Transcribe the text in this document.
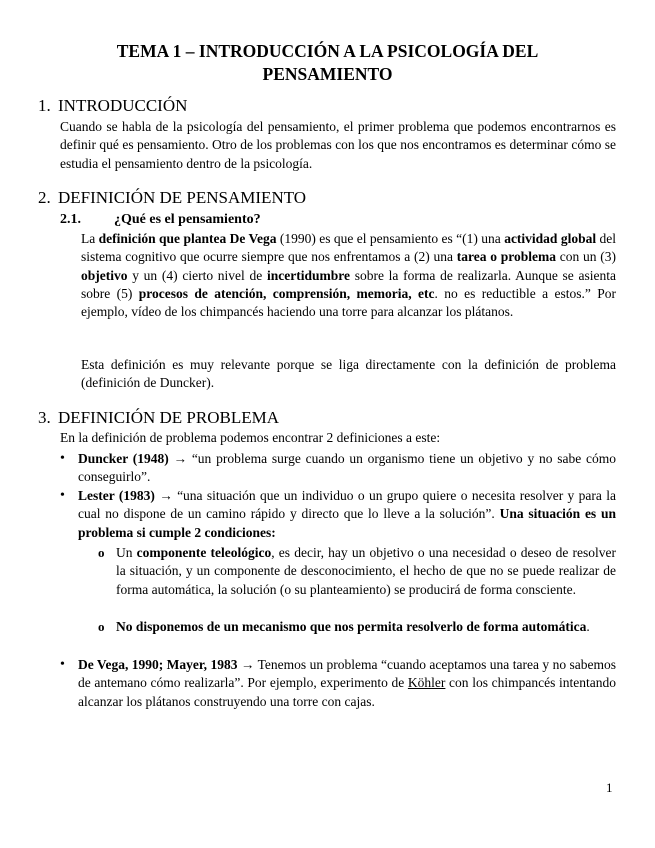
TEMA 1 – INTRODUCCIÓN A LA PSICOLOGÍA DEL PENSAMIENTO
1. INTRODUCCIÓN

Cuando se habla de la psicología del pensamiento, el primer problema que podemos encontrarnos es definir qué es pensamiento. Otro de los problemas con los que nos encontramos es determinar cómo se estudia el pensamiento dentro de la psicología.

2. DEFINICIÓN DE PENSAMIENTO
2.1. ¿Qué es el pensamiento?

La definición que plantea De Vega (1990) es que el pensamiento es “(1) una actividad global del sistema cognitivo que ocurre siempre que nos enfrentamos a (2) una tarea o problema con un (3) objetivo y un (4) cierto nivel de incertidumbre sobre la forma de realizarla. Aunque se asienta sobre (5) procesos de atención, comprensión, memoria, etc. no es reductible a estos.” Por ejemplo, vídeo de los chimpancés haciendo una torre para alcanzar los plátanos.

Esta definición es muy relevante porque se liga directamente con la definición de problema (definición de Duncker).

3. DEFINICIÓN DE PROBLEMA

En la definición de problema podemos encontrar 2 definiciones a este:

• Duncker (1948) → “un problema surge cuando un organismo tiene un objetivo y no sabe cómo conseguirlo”.
• Lester (1983) → “una situación que un individuo o un grupo quiere o necesita resolver y para la cual no dispone de un camino rápido y directo que lo lleve a la solución”. Una situación es un problema si cumple 2 condiciones:
o Un componente teleológico, es decir, hay un objetivo o una necesidad o deseo de resolver la situación, y un componente de desconocimiento, el hecho de que no se puede realizar de forma automática, la solución (o su planteamiento) se producirá de forma consciente.
o No disponemos de un mecanismo que nos permita resolverlo de forma automática.
• De Vega, 1990; Mayer, 1983 → Tenemos un problema “cuando aceptamos una tarea y no sabemos de antemano cómo realizarla”. Por ejemplo, experimento de Köhler con los chimpancés intentando alcanzar los plátanos construyendo una torre con cajas.
1
